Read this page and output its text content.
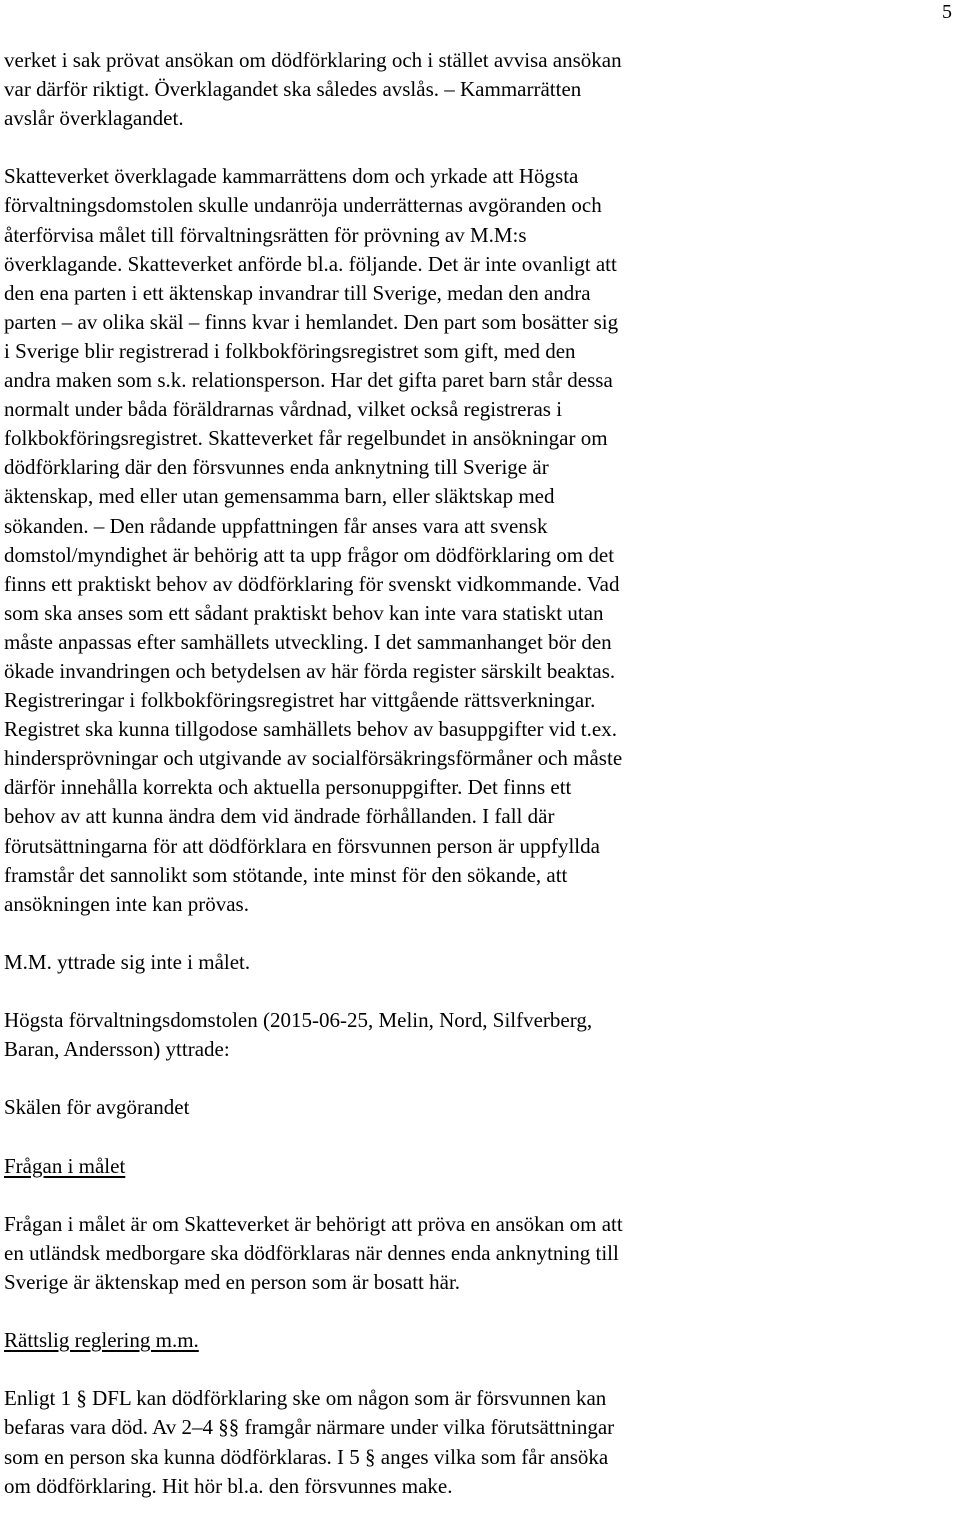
5

verket i sak prövat ansökan om dödförklaring och i stället avvisa ansökan
var därför riktigt. Överklagandet ska således avslås. – Kammarrätten
avslår överklagandet.

Skatteverket överklagade kammarrättens dom och yrkade att Högsta
förvaltningsdomstolen skulle undanröja underrätternas avgöranden och
återförvisa målet till förvaltningsrätten för prövning av M.M:s
överklagande. Skatteverket anförde bl.a. följande. Det är inte ovanligt att
den ena parten i ett äktenskap invandrar till Sverige, medan den andra
parten – av olika skäl – finns kvar i hemlandet. Den part som bosätter sig
i Sverige blir registrerad i folkbokföringsregistret som gift, med den
andra maken som s.k. relationsperson. Har det gifta paret barn står dessa
normalt under båda föräldrarnas vårdnad, vilket också registreras i
folkbokföringsregistret. Skatteverket får regelbundet in ansökningar om
dödförklaring där den försvunnes enda anknytning till Sverige är
äktenskap, med eller utan gemensamma barn, eller släktskap med
sökanden. – Den rådande uppfattningen får anses vara att svensk
domstol/myndighet är behörig att ta upp frågor om dödförklaring om det
finns ett praktiskt behov av dödförklaring för svenskt vidkommande. Vad
som ska anses som ett sådant praktiskt behov kan inte vara statiskt utan
måste anpassas efter samhällets utveckling. I det sammanhanget bör den
ökade invandringen och betydelsen av här förda register särskilt beaktas.
Registreringar i folkbokföringsregistret har vittgående rättsverkningar.
Registret ska kunna tillgodose samhällets behov av basuppgifter vid t.ex.
hindersprövningar och utgivande av socialförsäkringsförmåner och måste
därför innehålla korrekta och aktuella personuppgifter. Det finns ett
behov av att kunna ändra dem vid ändrade förhållanden. I fall där
förutsättningarna för att dödförklara en försvunnen person är uppfyllda
framstår det sannolikt som stötande, inte minst för den sökande, att
ansökningen inte kan prövas.

M.M. yttrade sig inte i målet.

Högsta förvaltningsdomstolen (2015-06-25, Melin, Nord, Silfverberg,
Baran, Andersson) yttrade:

Skälen för avgörandet

Frågan i målet

Frågan i målet är om Skatteverket är behörigt att pröva en ansökan om att
en utländsk medborgare ska dödförklaras när dennes enda anknytning till
Sverige är äktenskap med en person som är bosatt här.

Rättslig reglering m.m.

Enligt 1 § DFL kan dödförklaring ske om någon som är försvunnen kan
befaras vara död. Av 2–4 §§ framgår närmare under vilka förutsättningar
som en person ska kunna dödförklaras. I 5 § anges vilka som får ansöka
om dödförklaring. Hit hör bl.a. den försvunnes make.
